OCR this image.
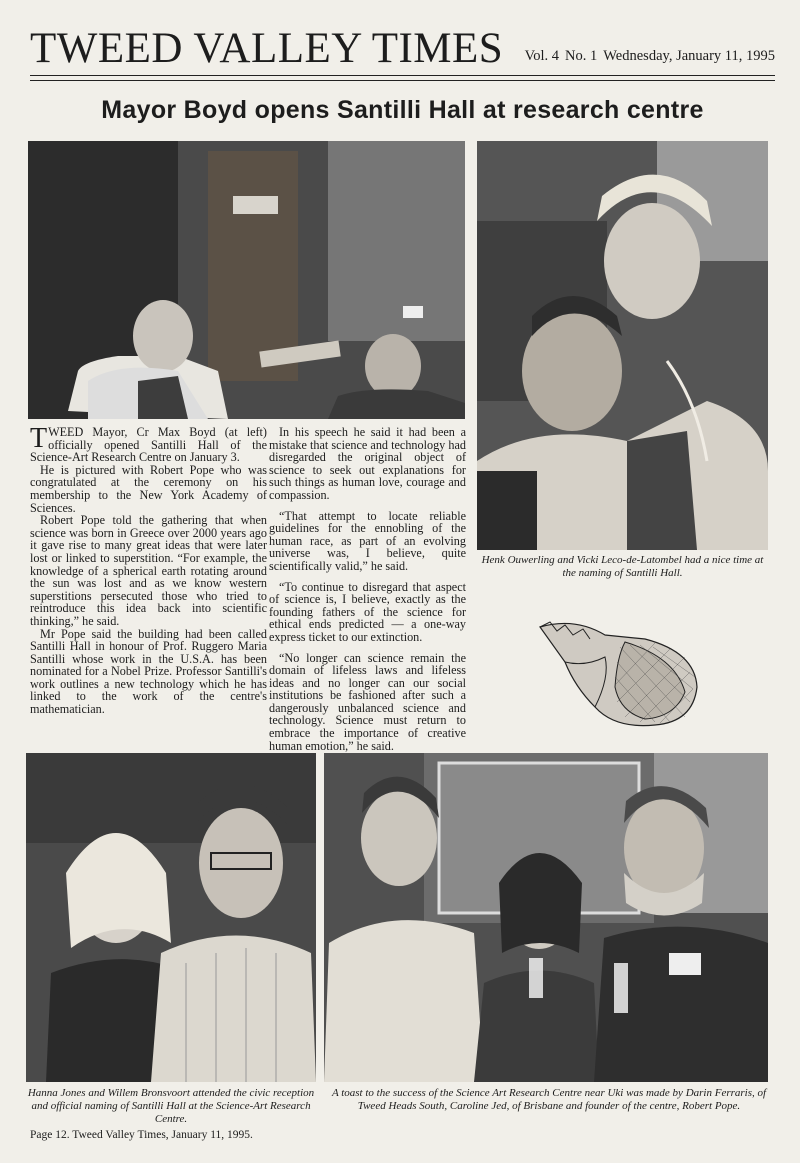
TWEED VALLEY TIMES	Vol. 4 No. 1 Wednesday, January 11, 1995
Mayor Boyd opens Santilli Hall at research centre
Henk Ouwerling and Vicki Leco-de-Latombel had a nice time at the naming of Santilli Hall.

TWEED Mayor, Cr Max Boyd (at left) officially opened Santilli Hall of the Science-Art Research Centre on January 3.

He is pictured with Robert Pope who was congratulated at the ceremony on his membership to the New York Academy of Sciences.

Robert Pope told the gathering that when science was born in Greece over 2000 years ago it gave rise to many great ideas that were later lost or linked to superstition. “For example, the knowledge of a spherical earth rotating around the sun was lost and as we know western superstitions persecuted those who tried to reintroduce this idea back into scientific thinking,” he said.

Mr Pope said the building had been called Santilli Hall in honour of Prof. Ruggero Maria Santilli whose work in the U.S.A. has been nominated for a Nobel Prize. Professor Santilli's work outlines a new technology which he has linked to the work of the centre's mathematician.

In his speech he said it had been a mistake that science and technology had disregarded the original object of science to seek out explanations for such things as human love, courage and compassion.

“That attempt to locate reliable guidelines for the ennobling of the human race, as part of an evolving universe was, I believe, quite scientifically valid,” he said.

“To continue to disregard that aspect of science is, I believe, exactly as the founding fathers of the science for ethical ends predicted — a one-way express ticket to our extinction.

“No longer can science remain the domain of lifeless laws and lifeless ideas and no longer can our social institutions be fashioned after such a dangerously unbalanced science and technology. Science must return to embrace the importance of creative human emotion,” he said.

Hanna Jones and Willem Bronsvoort attended the civic reception and official naming of Santilli Hall at the Science-Art Research Centre.
A toast to the success of the Science Art Research Centre near Uki was made by Darin Ferraris, of Tweed Heads South, Caroline Jed, of Brisbane and founder of the centre, Robert Pope.
Page 12. Tweed Valley Times, January 11, 1995.
